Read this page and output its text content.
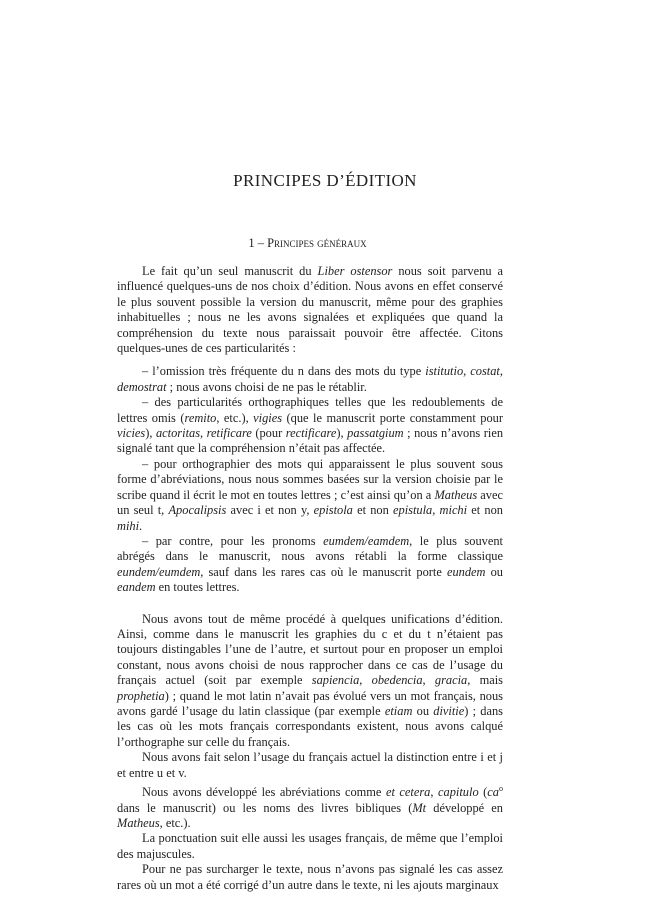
PRINCIPES D’ÉDITION
1 – Principes généraux

Le fait qu’un seul manuscrit du Liber ostensor nous soit parvenu a influencé quelques-uns de nos choix d’édition. Nous avons en effet conservé le plus souvent possible la version du manuscrit, même pour des graphies inhabituelles ; nous ne les avons signalées et expliquées que quand la compréhension du texte nous paraissait pouvoir être affectée. Citons quelques-unes de ces particularités :

– l’omission très fréquente du n dans des mots du type istitutio, costat, demostrat ; nous avons choisi de ne pas le rétablir.

– des particularités orthographiques telles que les redoublements de lettres omis (remito, etc.), vigies (que le manuscrit porte constamment pour vicies), actoritas, retificare (pour rectificare), passatgium ; nous n’avons rien signalé tant que la compréhension n’était pas affectée.

– pour orthographier des mots qui apparaissent le plus souvent sous forme d’abréviations, nous nous sommes basées sur la version choisie par le scribe quand il écrit le mot en toutes lettres ; c’est ainsi qu’on a Matheus avec un seul t, Apocalipsis avec i et non y, epistola et non epistula, michi et non mihi.

– par contre, pour les pronoms eumdem/eamdem, le plus souvent abrégés dans le manuscrit, nous avons rétabli la forme classique eundem/eumdem, sauf dans les rares cas où le manuscrit porte eundem ou eandem en toutes lettres.

Nous avons tout de même procédé à quelques unifications d’édition. Ainsi, comme dans le manuscrit les graphies du c et du t n’étaient pas toujours distingables l’une de l’autre, et surtout pour en proposer un emploi constant, nous avons choisi de nous rapprocher dans ce cas de l’usage du français actuel (soit par exemple sapiencia, obedencia, gracia, mais prophetia) ; quand le mot latin n’avait pas évolué vers un mot français, nous avons gardé l’usage du latin classique (par exemple etiam ou divitie) ; dans les cas où les mots français correspondants existent, nous avons calqué l’orthographe sur celle du français.

Nous avons fait selon l’usage du français actuel la distinction entre i et j et entre u et v.

Nous avons développé les abréviations comme et cetera, capitulo ($ca^o$ dans le manuscrit) ou les noms des livres bibliques (Mt développé en Matheus, etc.).

La ponctuation suit elle aussi les usages français, de même que l’emploi des majuscules.

Pour ne pas surcharger le texte, nous n’avons pas signalé les cas assez rares où un mot a été corrigé d’un autre dans le texte, ni les ajouts marginaux
